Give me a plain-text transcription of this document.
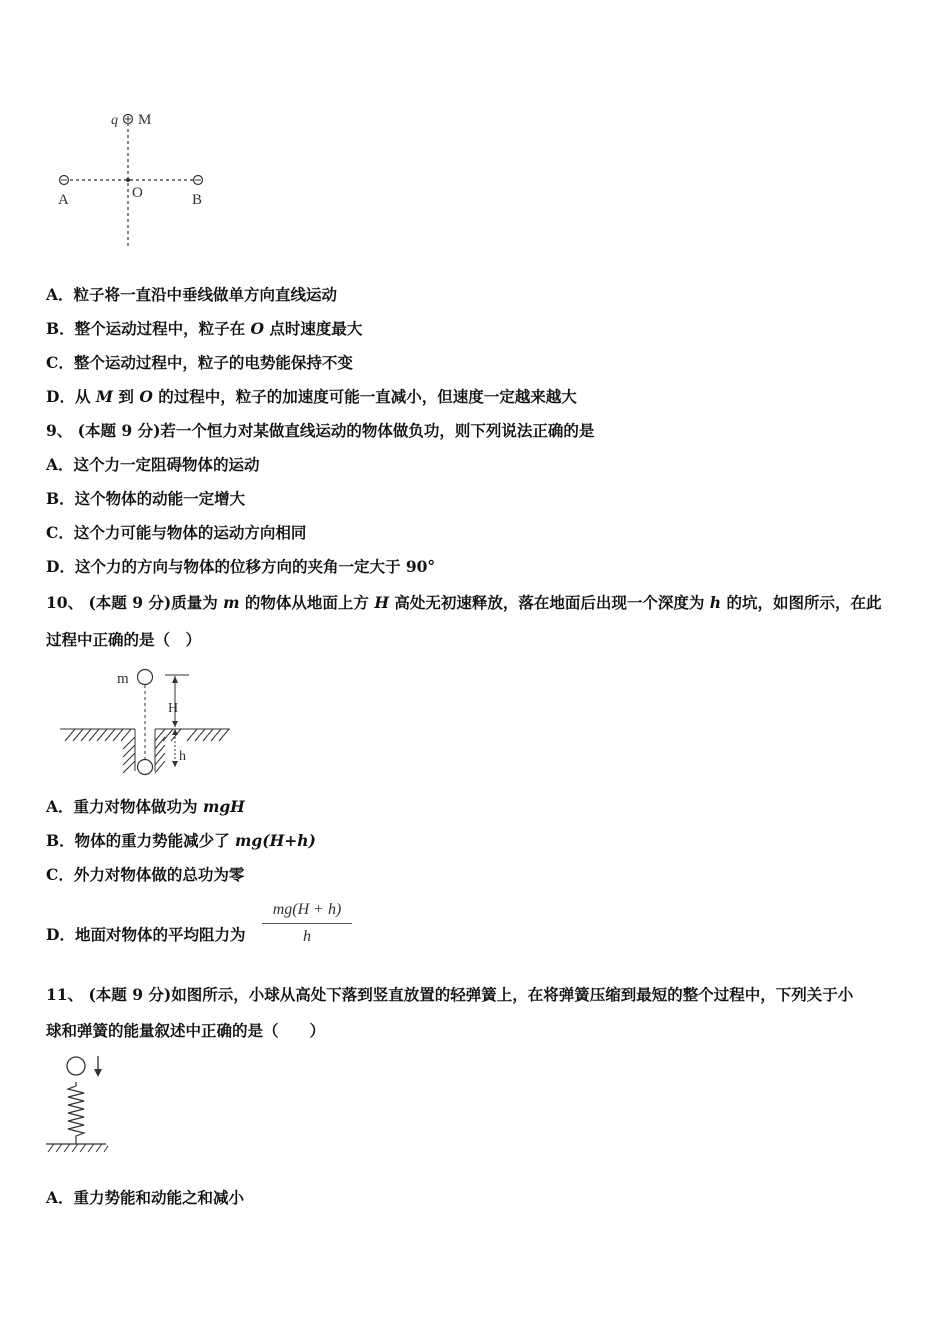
q M
O
A	B
A．粒子将一直沿中垂线做单方向直线运动
B．整个运动过程中，粒子在 O 点时速度最大
C．整个运动过程中，粒子的电势能保持不变
D．从 M 到 O 的过程中，粒子的加速度可能一直减小，但速度一定越来越大
9、 (本题 9 分)若一个恒力对某做直线运动的物体做负功，则下列说法正确的是
A．这个力一定阻碍物体的运动
B．这个物体的动能一定增大
C．这个力可能与物体的运动方向相同
D．这个力的方向与物体的位移方向的夹角一定大于 90°
10、 (本题 9 分)质量为 m 的物体从地面上方 H 高处无初速释放，落在地面后出现一个深度为 h 的坑，如图所示，在此
过程中正确的是（　）
m
H
h
A．重力对物体做功为 mgH
B．物体的重力势能减少了 mg(H+h)
C．外力对物体做的总功为零
D．地面对物体的平均阻力为
mg(H + h)
h
11、 (本题 9 分)如图所示，小球从高处下落到竖直放置的轻弹簧上，在将弹簧压缩到最短的整个过程中，下列关于小
球和弹簧的能量叙述中正确的是（　　）
A．重力势能和动能之和减小
